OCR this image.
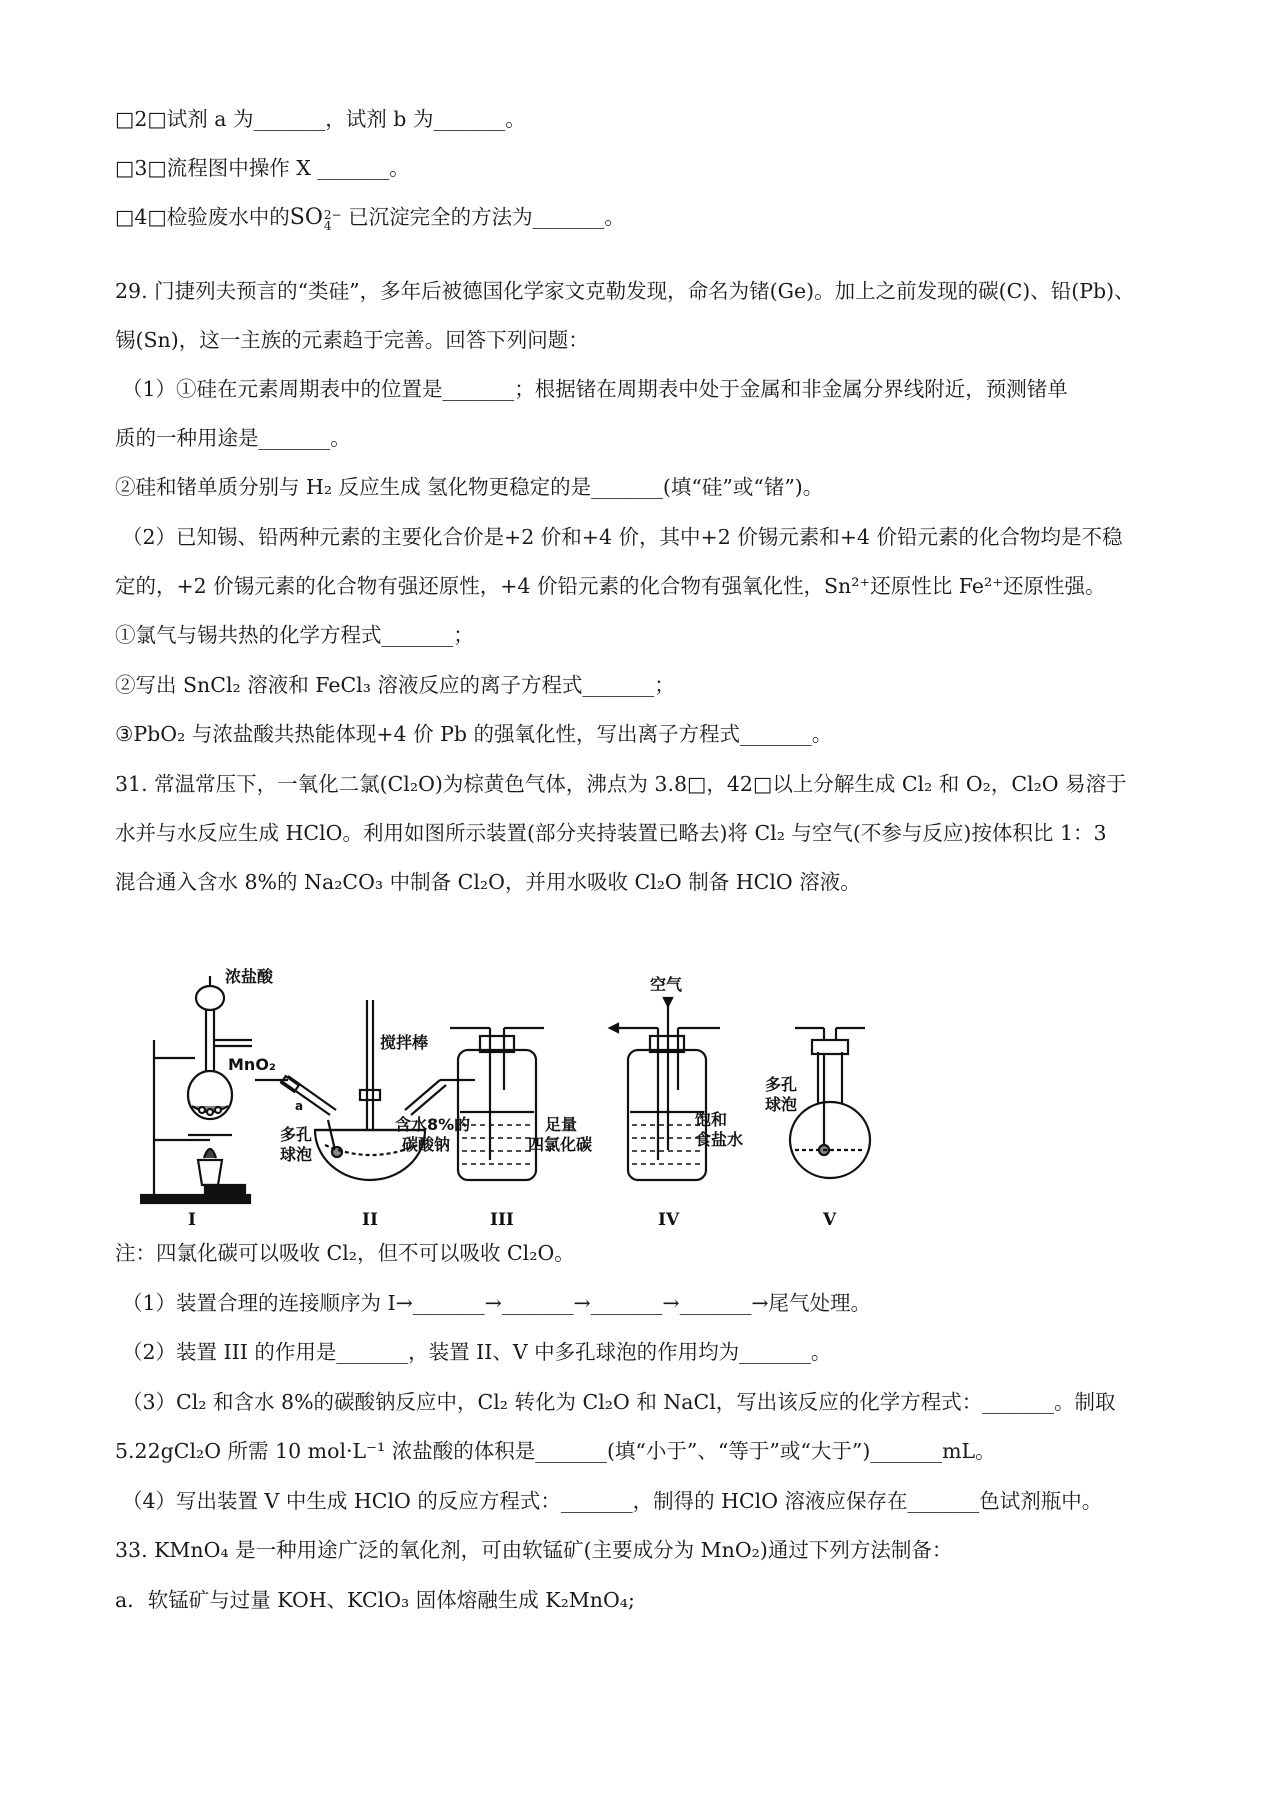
□2□试剂 a 为_______，试剂 b 为_______。
□3□流程图中操作 X _______。
□4□检验废水中的SO 2−
4 已沉淀完全的方法为_______。
29. 门捷列夫预言的“类硅”，多年后被德国化学家文克勒发现，命名为锗(Ge)。加上之前发现的碳(C)、铅(Pb)、
锡(Sn)，这一主族的元素趋于完善。回答下列问题：
（1）①硅在元素周期表中的位置是_______；根据锗在周期表中处于金属和非金属分界线附近，预测锗单
质的一种用途是_______。
②硅和锗单质分别与 H₂ 反应生成 氢化物更稳定的是_______(填“硅”或“锗”)。
（2）已知锡、铅两种元素的主要化合价是+2 价和+4 价，其中+2 价锡元素和+4 价铅元素的化合物均是不稳
定的，+2 价锡元素的化合物有强还原性，+4 价铅元素的化合物有强氧化性，Sn²⁺还原性比 Fe²⁺还原性强。
①氯气与锡共热的化学方程式_______；
②写出 SnCl₂ 溶液和 FeCl₃ 溶液反应的离子方程式_______；
③PbO₂ 与浓盐酸共热能体现+4 价 Pb 的强氧化性，写出离子方程式_______。
31. 常温常压下，一氧化二氯(Cl₂O)为棕黄色气体，沸点为 3.8□，42□以上分解生成 Cl₂ 和 O₂，Cl₂O 易溶于
水并与水反应生成 HClO。利用如图所示装置(部分夹持装置已略去)将 Cl₂ 与空气(不参与反应)按体积比 1：3
混合通入含水 8%的 Na₂CO₃ 中制备 Cl₂O，并用水吸收 Cl₂O 制备 HClO 溶液。
浓盐酸
MnO₂
搅拌棒
a
多孔
球泡
含水8%的
碳酸钠
足量
四氯化碳
空气
饱和
食盐水
多孔
球泡
I	II	III	IV	V
注：四氯化碳可以吸收 Cl₂，但不可以吸收 Cl₂O。
（1）装置合理的连接顺序为 I→_______→_______→_______→_______→尾气处理。
（2）装置 III 的作用是_______，装置 II、V 中多孔球泡的作用均为_______。
（3）Cl₂ 和含水 8%的碳酸钠反应中，Cl₂ 转化为 Cl₂O 和 NaCl，写出该反应的化学方程式：_______。制取
5.22gCl₂O 所需 10 mol·L⁻¹ 浓盐酸的体积是_______(填“小于”、“等于”或“大于”)_______mL。
（4）写出装置 V 中生成 HClO 的反应方程式：_______，制得的 HClO 溶液应保存在_______色试剂瓶中。
33. KMnO₄ 是一种用途广泛的氧化剂，可由软锰矿(主要成分为 MnO₂)通过下列方法制备：
a．软锰矿与过量 KOH、KClO₃ 固体熔融生成 K₂MnO₄;
